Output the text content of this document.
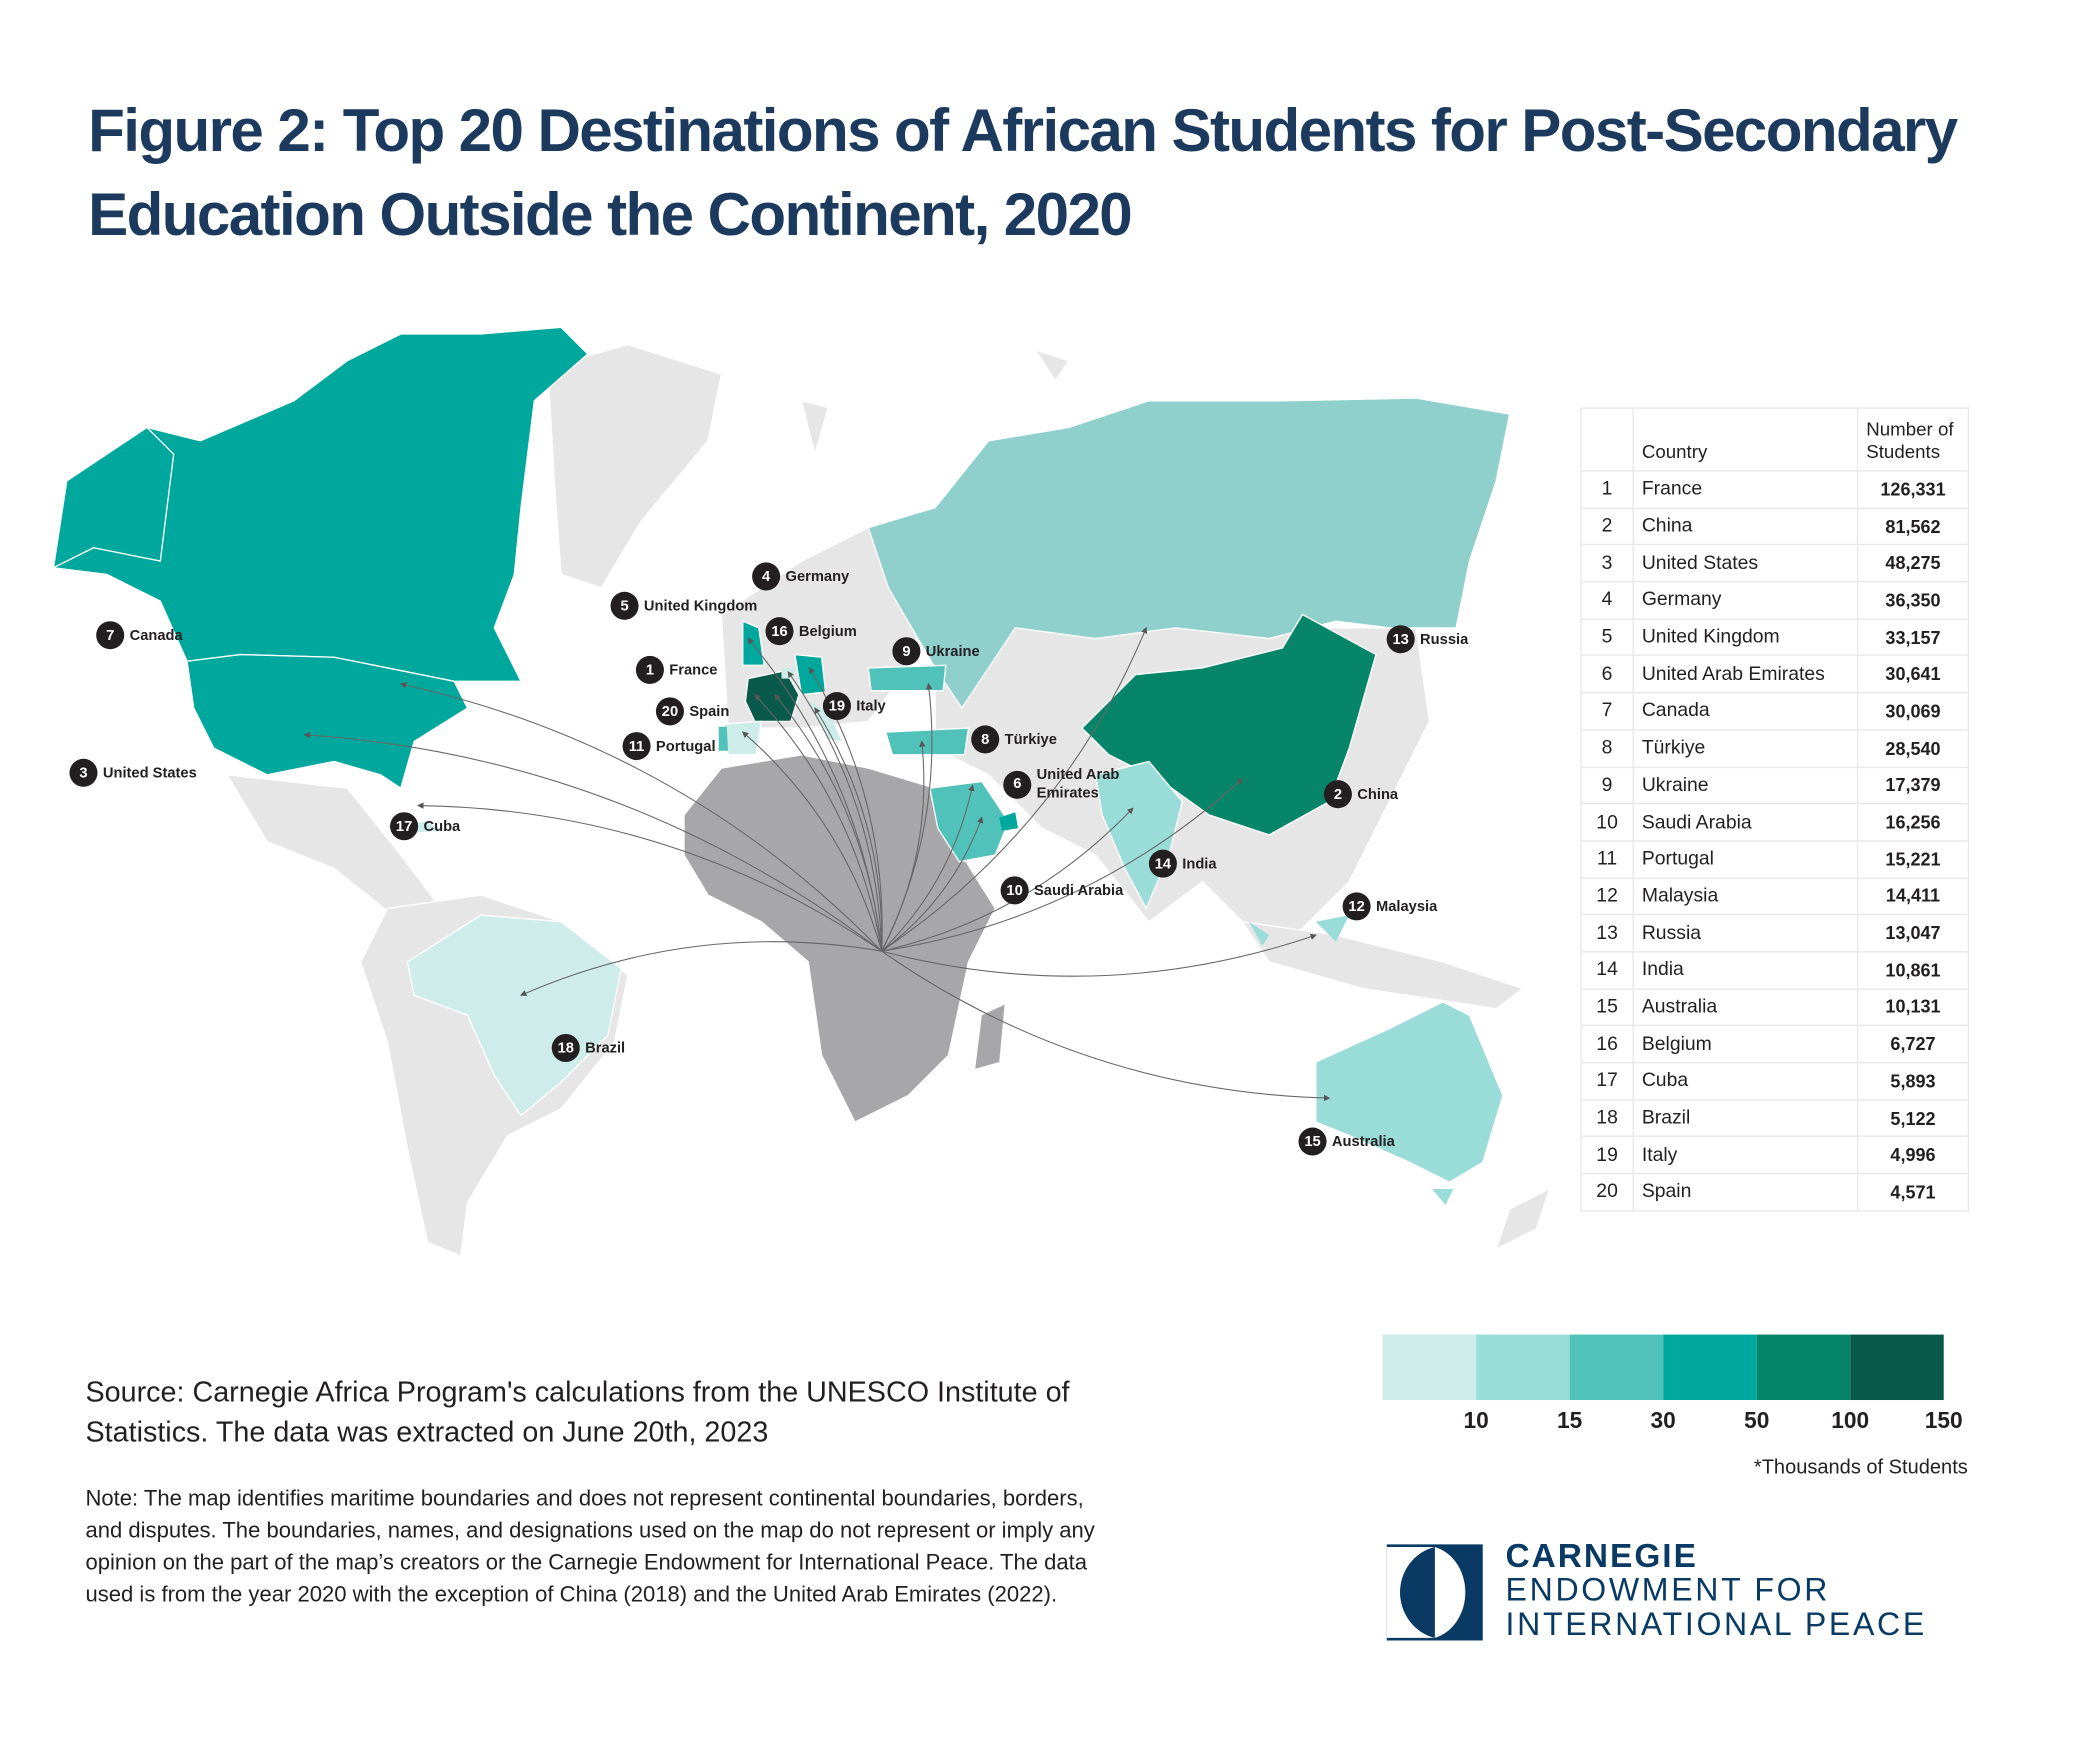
Figure 2: Top 20 Destinations of African Students for Post-Secondary Education Outside the Continent, 2020
1	France
2	China
3	United States
4	Germany
5	United Kingdom
6
United Arab Emirates
7	Canada
8	Türkiye
9	Ukraine
10	Saudi Arabia
11	Portugal
12	Malaysia
13	Russia
14	India
15	Australia
16	Belgium
17	Cuba
18	Brazil
19	Italy
20	Spain
	Country	Number of Students
1	France	126,331
2	China	81,562
3	United States	48,275
4	Germany	36,350
5	United Kingdom	33,157
6	United Arab Emirates	30,641
7	Canada	30,069
8	Türkiye	28,540
9	Ukraine	17,379
10	Saudi Arabia	16,256
11	Portugal	15,221
12	Malaysia	14,411
13	Russia	13,047
14	India	10,861
15	Australia	10,131
16	Belgium	6,727
17	Cuba	5,893
18	Brazil	5,122
19	Italy	4,996
20	Spain	4,571
10	15	30	50	100	150
*Thousands of Students
Source: Carnegie Africa Program's calculations from the UNESCO Institute of Statistics. The data was extracted on June 20th, 2023
Note: The map identifies maritime boundaries and does not represent continental boundaries, borders, and disputes. The boundaries, names, and designations used on the map do not represent or imply any opinion on the part of the map’s creators or the Carnegie Endowment for International Peace. The data used is from the year 2020 with the exception of China (2018) and the United Arab Emirates (2022).
CARNEGIE
ENDOWMENT FOR
INTERNATIONAL PEACE
